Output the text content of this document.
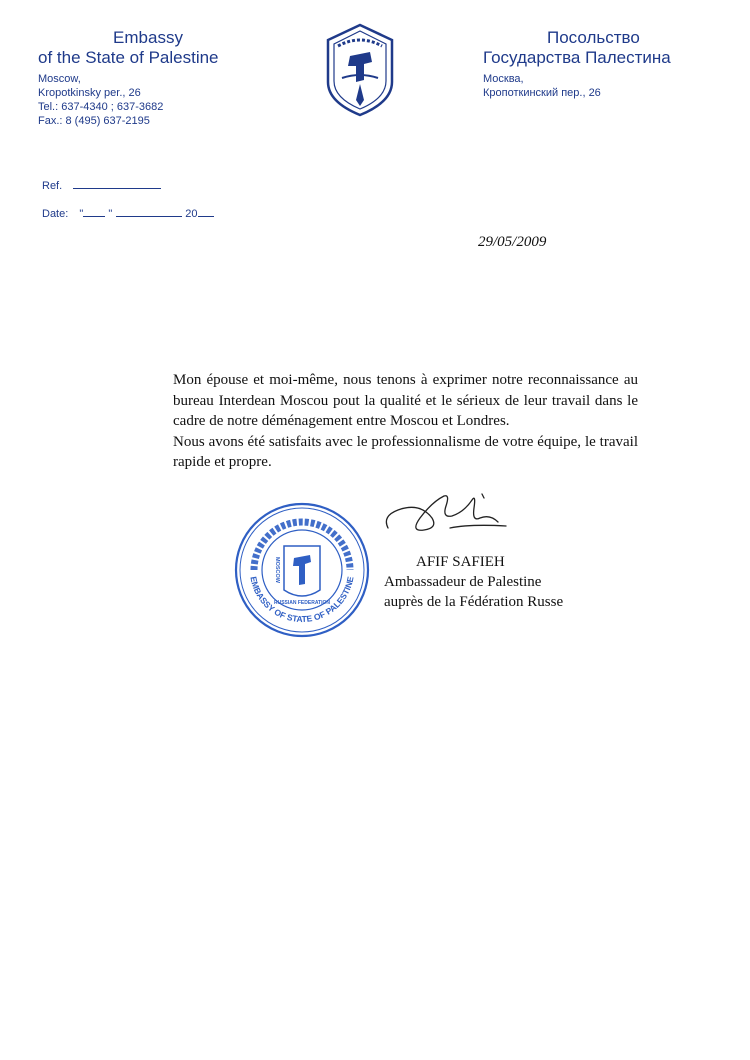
Embassy
of the State of Palestine
Moscow,
Kropotkinsky per., 26
Tel.: 637-4340 ; 637-3682
Fax.: 8 (495) 637-2195
Посольство
Государства Палестина
Москва,
Кропоткинский пер., 26
Ref.
Date: " "	20
29/05/2009

Mon épouse et moi-même, nous tenons à exprimer notre reconnaissance au bureau Interdean Moscou pout la qualité et le sérieux de leur travail dans le cadre de notre déménagement entre Moscou et Londres.

Nous avons été satisfaits avec le professionnalisme de votre équipe, le travail rapide et propre.

EMBASSY OF STATE OF PALESTINE
RUSSIAN FEDERATION
MOSCOW	AFIF SAFIEH
Ambassadeur de Palestine
auprès de la Fédération Russe
